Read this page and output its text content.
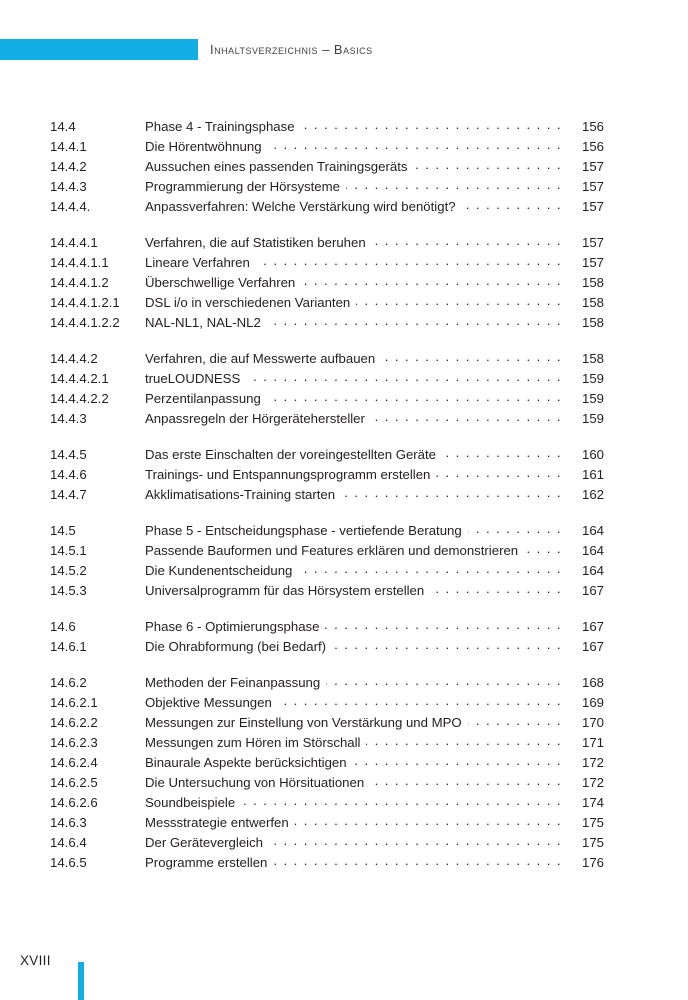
Inhalt
Inhaltsverzeichnis – Basics
14.4	Phase 4 - Trainingsphase . . .	156
14.4.1	Die Hörentwöhnung . . .	156
14.4.2	Aussuchen eines passenden Trainingsgeräts . . .	157
14.4.3	Programmierung der Hörsysteme . . .	157
14.4.4.	Anpassverfahren: Welche Verstärkung wird benötigt? . . .	157
14.4.4.1	Verfahren, die auf Statistiken beruhen . . .	157
14.4.4.1.1	Lineare Verfahren . . .	157
14.4.4.1.2	Überschwellige Verfahren . . .	158
14.4.4.1.2.1	DSL i/o in verschiedenen Varianten . . .	158
14.4.4.1.2.2	NAL-NL1, NAL-NL2 . . .	158
14.4.4.2	Verfahren, die auf Messwerte aufbauen . . .	158
14.4.4.2.1	trueLOUDNESS . . .	159
14.4.4.2.2	Perzentilanpassung . . .	159
14.4.3	Anpassregeln der Hörgerätehersteller . . .	159
14.4.5	Das erste Einschalten der voreingestellten Geräte . . .	160
14.4.6	Trainings- und Entspannungsprogramm erstellen . . .	161
14.4.7	Akklimatisations-Training starten . . .	162
14.5	Phase 5 - Entscheidungsphase - vertiefende Beratung . . .	164
14.5.1	Passende Bauformen und Features erklären und demonstrieren . . .	164
14.5.2	Die Kundenentscheidung . . .	164
14.5.3	Universalprogramm für das Hörsystem erstellen . . .	167
14.6	Phase 6 - Optimierungsphase . . .	167
14.6.1	Die Ohrabformung (bei Bedarf) . . .	167
14.6.2	Methoden der Feinanpassung . . .	168
14.6.2.1	Objektive Messungen . . .	169
14.6.2.2	Messungen zur Einstellung von Verstärkung und MPO . . .	170
14.6.2.3	Messungen zum Hören im Störschall . . .	171
14.6.2.4	Binaurale Aspekte berücksichtigen . . .	172
14.6.2.5	Die Untersuchung von Hörsituationen . . .	172
14.6.2.6	Soundbeispiele . . .	174
14.6.3	Messstrategie entwerfen . . .	175
14.6.4	Der Gerätevergleich . . .	175
14.6.5	Programme erstellen . . .	176
XVIII
